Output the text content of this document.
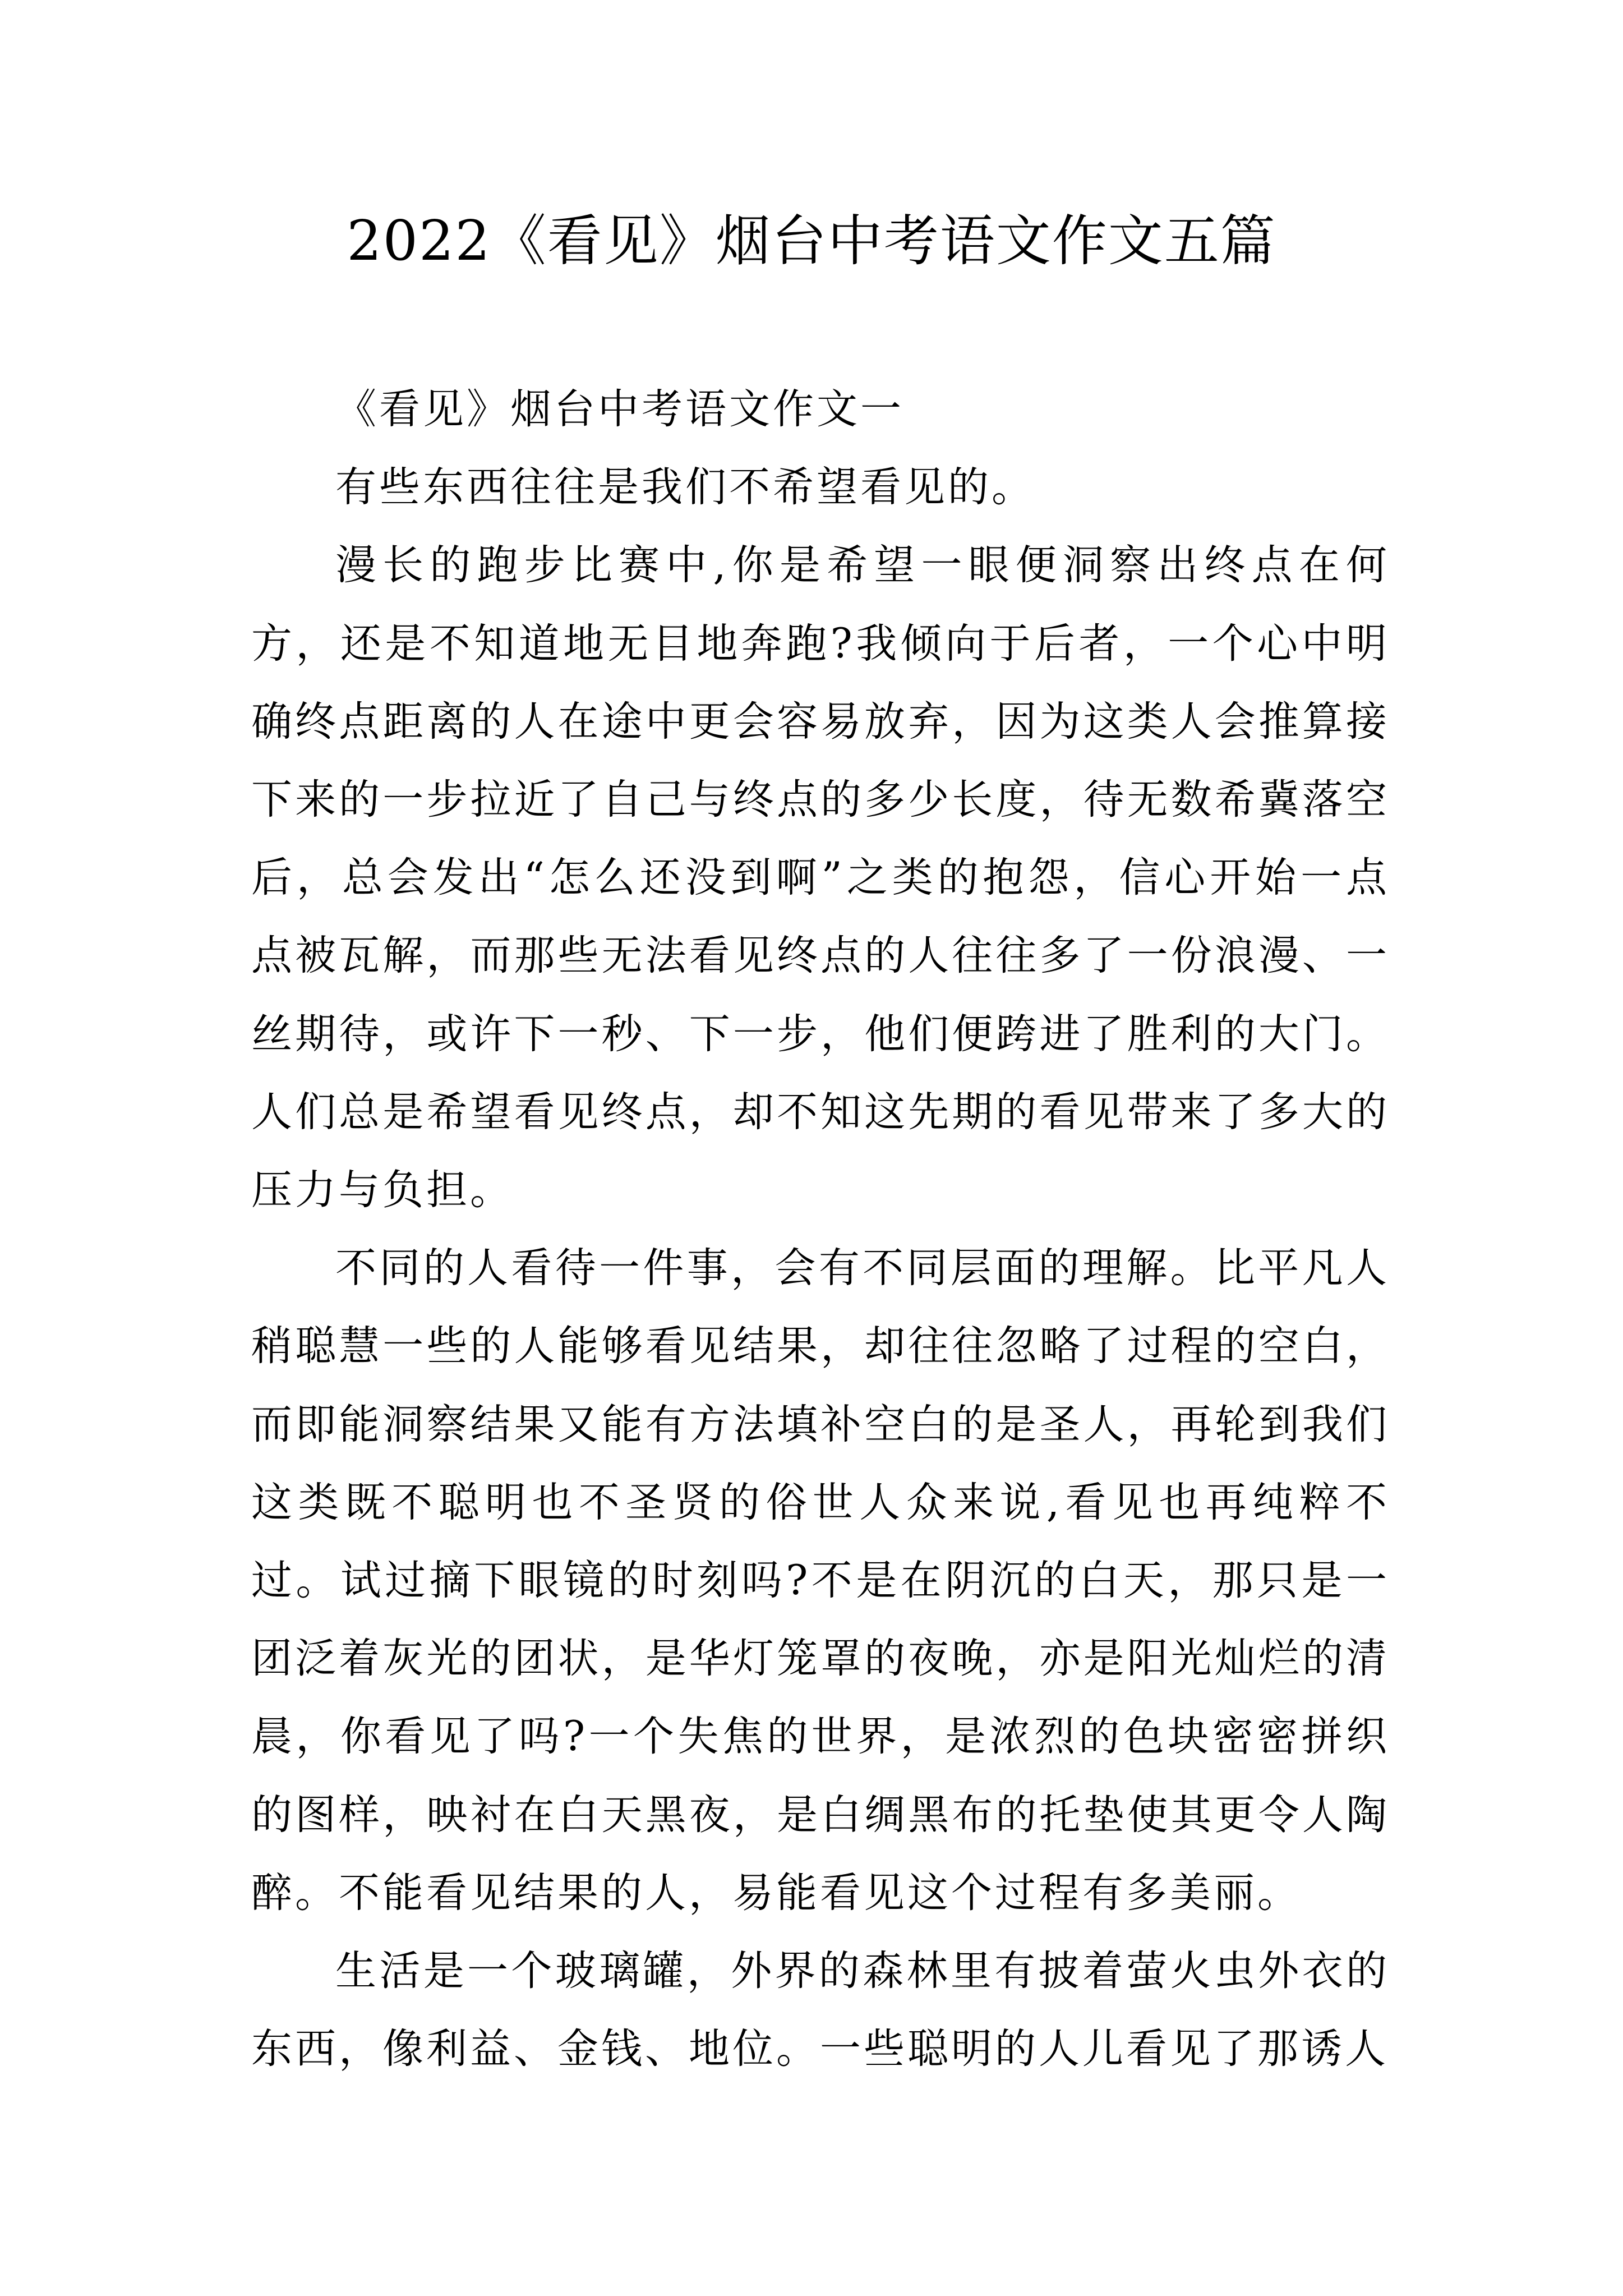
2022《看见》烟台中考语文作文五篇

《看见》烟台中考语文作文一

有些东西往往是我们不希望看见的。

漫长的跑步比赛中,你是希望一眼便洞察出终点在何方，还是不知道地无目地奔跑?我倾向于后者，一个心中明确终点距离的人在途中更会容易放弃，因为这类人会推算接下来的一步拉近了自己与终点的多少长度，待无数希冀落空后，总会发出“怎么还没到啊”之类的抱怨，信心开始一点点被瓦解，而那些无法看见终点的人往往多了一份浪漫、一丝期待，或许下一秒、下一步，他们便跨进了胜利的大门。人们总是希望看见终点，却不知这先期的看见带来了多大的压力与负担。

不同的人看待一件事，会有不同层面的理解。比平凡人稍聪慧一些的人能够看见结果，却往往忽略了过程的空白，而即能洞察结果又能有方法填补空白的是圣人，再轮到我们这类既不聪明也不圣贤的俗世人众来说,看见也再纯粹不过。试过摘下眼镜的时刻吗?不是在阴沉的白天，那只是一团泛着灰光的团状，是华灯笼罩的夜晚，亦是阳光灿烂的清晨，你看见了吗?一个失焦的世界，是浓烈的色块密密拼织的图样，映衬在白天黑夜，是白绸黑布的托垫使其更令人陶醉。不能看见结果的人，易能看见这个过程有多美丽。

生活是一个玻璃罐，外界的森林里有披着萤火虫外衣的东西，像利益、金钱、地位。一些聪明的人儿看见了那诱人
